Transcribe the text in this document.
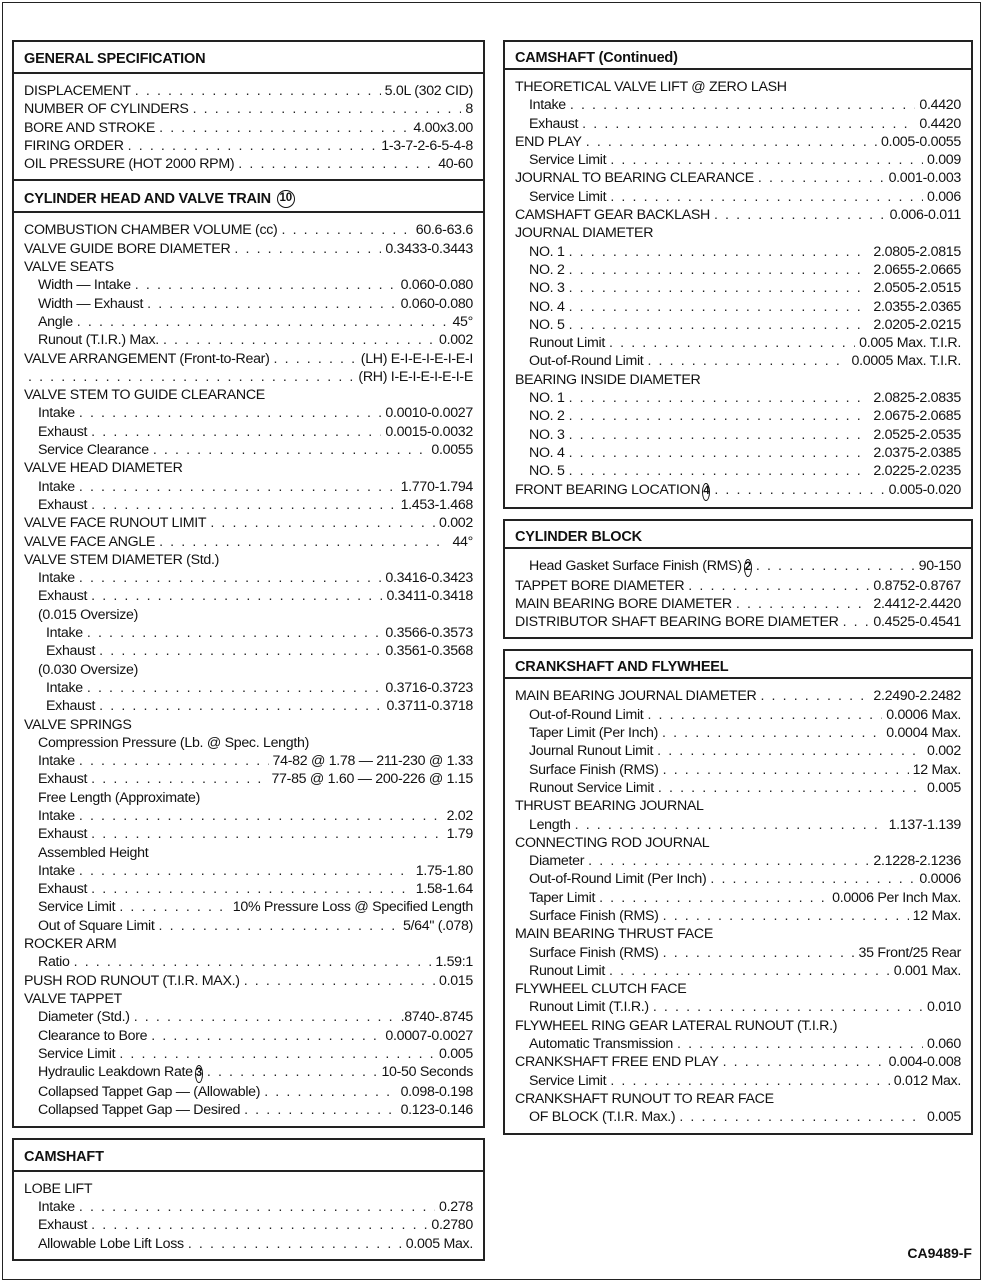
GENERAL SPECIFICATION
DISPLACEMENT . . .	5.0L (302 CID)
NUMBER OF CYLINDERS . . .	8
BORE AND STROKE . . .	4.00x3.00
FIRING ORDER . . .	1-3-7-2-6-5-4-8
OIL PRESSURE (HOT 2000 RPM) . . .	40-60
CYLINDER HEAD AND VALVE TRAIN 10
COMBUSTION CHAMBER VOLUME (cc) . . .	60.6-63.6
VALVE GUIDE BORE DIAMETER . . .	0.3433-0.3443
VALVE SEATS
Width — Intake . . .	0.060-0.080
Width — Exhaust . . .	0.060-0.080
Angle . . .	45°
Runout (T.I.R.) Max. . . .	0.002
VALVE ARRANGEMENT (Front-to-Rear) . . .	(LH) E-I-E-I-E-I-E-I
. . .
(RH) I-E-I-E-I-E-I-E
VALVE STEM TO GUIDE CLEARANCE
Intake . . .	0.0010-0.0027
Exhaust . . .	0.0015-0.0032
Service Clearance . . .	0.0055
VALVE HEAD DIAMETER
Intake . . .	1.770-1.794
Exhaust . . .	1.453-1.468
VALVE FACE RUNOUT LIMIT . . .	0.002
VALVE FACE ANGLE . . .	44°
VALVE STEM DIAMETER (Std.)
Intake . . .	0.3416-0.3423
Exhaust . . .	0.3411-0.3418
(0.015 Oversize)
Intake . . .	0.3566-0.3573
Exhaust . . .	0.3561-0.3568
(0.030 Oversize)
Intake . . .	0.3716-0.3723
Exhaust . . .	0.3711-0.3718
VALVE SPRINGS
Compression Pressure (Lb. @ Spec. Length)
Intake . . .	74-82 @ 1.78 — 211-230 @ 1.33
Exhaust . . .	77-85 @ 1.60 — 200-226 @ 1.15
Free Length (Approximate)
Intake . . .	2.02
Exhaust . . .	1.79
Assembled Height
Intake . . .	1.75-1.80
Exhaust . . .	1.58-1.64
Service Limit . . .	10% Pressure Loss @ Specified Length
Out of Square Limit . . .	5/64" (.078)
ROCKER ARM
Ratio . . .	1.59:1
PUSH ROD RUNOUT (T.I.R. MAX.) . . .	0.015
VALVE TAPPET
Diameter (Std.) . . .	.8740-.8745
Clearance to Bore . . .	0.0007-0.0027
Service Limit . . .	0.005
Hydraulic Leakdown Rate 3 . . .	10-50 Seconds
Collapsed Tappet Gap — (Allowable) . . .	0.098-0.198
Collapsed Tappet Gap — Desired . . .	0.123-0.146
CAMSHAFT
LOBE LIFT
Intake . . .	0.278
Exhaust . . .	0.2780
Allowable Lobe Lift Loss . . .	0.005 Max.
CAMSHAFT (Continued)
THEORETICAL VALVE LIFT @ ZERO LASH
Intake . . .	0.4420
Exhaust . . .	0.4420
END PLAY . . .	0.005-0.0055
Service Limit . . .	0.009
JOURNAL TO BEARING CLEARANCE . . .	0.001-0.003
Service Limit . . .	0.006
CAMSHAFT GEAR BACKLASH . . .	0.006-0.011
JOURNAL DIAMETER
NO. 1 . . .	2.0805-2.0815
NO. 2 . . .	2.0655-2.0665
NO. 3 . . .	2.0505-2.0515
NO. 4 . . .	2.0355-2.0365
NO. 5 . . .	2.0205-2.0215
Runout Limit . . .	0.005 Max. T.I.R.
Out-of-Round Limit . . .	0.0005 Max. T.I.R.
BEARING INSIDE DIAMETER
NO. 1 . . .	2.0825-2.0835
NO. 2 . . .	2.0675-2.0685
NO. 3 . . .	2.0525-2.0535
NO. 4 . . .	2.0375-2.0385
NO. 5 . . .	2.0225-2.0235
FRONT BEARING LOCATION 4 . . .	0.005-0.020
CYLINDER BLOCK
Head Gasket Surface Finish (RMS) 2 . . .	90-150
TAPPET BORE DIAMETER . . .	0.8752-0.8767
MAIN BEARING BORE DIAMETER . . .	2.4412-2.4420
DISTRIBUTOR SHAFT BEARING BORE DIAMETER . . . 0.4525-0.4541
CRANKSHAFT AND FLYWHEEL
MAIN BEARING JOURNAL DIAMETER . . .	2.2490-2.2482
Out-of-Round Limit . . .	0.0006 Max.
Taper Limit (Per Inch) . . .	0.0004 Max.
Journal Runout Limit . . .	0.002
Surface Finish (RMS) . . .	12 Max.
Runout Service Limit . . .	0.005
THRUST BEARING JOURNAL
Length . . .	1.137-1.139
CONNECTING ROD JOURNAL
Diameter . . .	2.1228-2.1236
Out-of-Round Limit (Per Inch) . . .	0.0006
Taper Limit . . .	0.0006 Per Inch Max.
Surface Finish (RMS) . . .	12 Max.
MAIN BEARING THRUST FACE
Surface Finish (RMS) . . .	35 Front/25 Rear
Runout Limit . . .	0.001 Max.
FLYWHEEL CLUTCH FACE
Runout Limit (T.I.R.) . . .	0.010
FLYWHEEL RING GEAR LATERAL RUNOUT (T.I.R.)
Automatic Transmission . . .	0.060
CRANKSHAFT FREE END PLAY . . .	0.004-0.008
Service Limit . . .	0.012 Max.
CRANKSHAFT RUNOUT TO REAR FACE
OF BLOCK (T.I.R. Max.) . . .	0.005
CA9489-F
